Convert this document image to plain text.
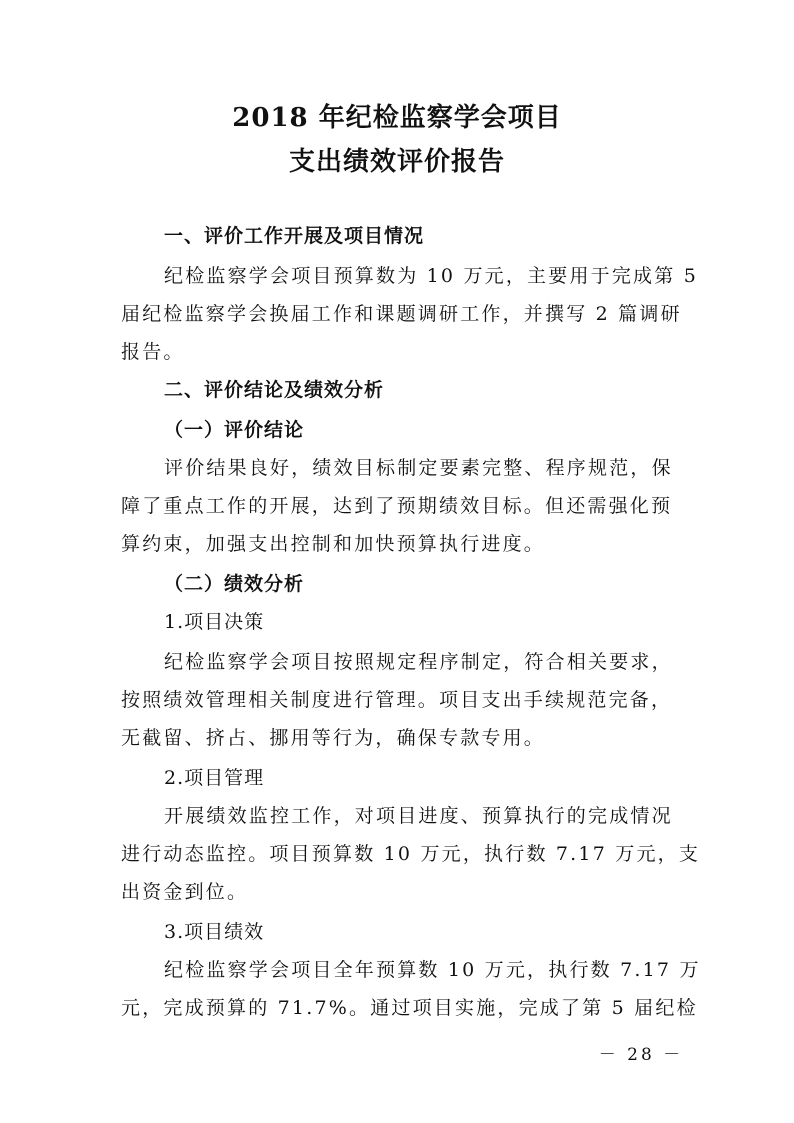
2018 年纪检监察学会项目
支出绩效评价报告

一、评价工作开展及项目情况

纪检监察学会项目预算数为 10 万元，主要用于完成第 5

届纪检监察学会换届工作和课题调研工作，并撰写 2 篇调研

报告。

二、评价结论及绩效分析

（一）评价结论

评价结果良好，绩效目标制定要素完整、程序规范，保

障了重点工作的开展，达到了预期绩效目标。但还需强化预

算约束，加强支出控制和加快预算执行进度。

（二）绩效分析

1.项目决策

纪检监察学会项目按照规定程序制定，符合相关要求，

按照绩效管理相关制度进行管理。项目支出手续规范完备，

无截留、挤占、挪用等行为，确保专款专用。

2.项目管理

开展绩效监控工作，对项目进度、预算执行的完成情况

进行动态监控。项目预算数 10 万元，执行数 7.17 万元，支

出资金到位。

3.项目绩效

纪检监察学会项目全年预算数 10 万元，执行数 7.17 万

元，完成预算的 71.7%。通过项目实施，完成了第 5 届纪检

－ 28 －
